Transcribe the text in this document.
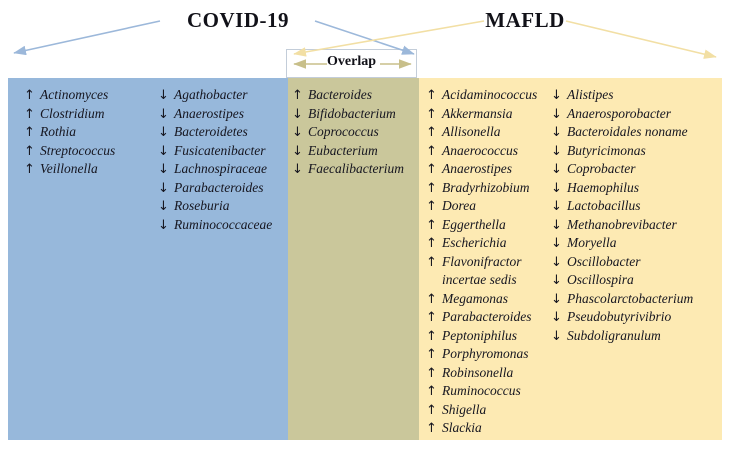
COVID-19	MAFLD
Overlap
↑ Actinomyces
↑ Clostridium
↑ Rothia
↑ Streptococcus
↑ Veillonella
↓ Agathobacter
↓ Anaerostipes
↓ Bacteroidetes
↓ Fusicatenibacter
↓ Lachnospiraceae
↓ Parabacteroides
↓ Roseburia
↓ Ruminococcaceae
↑ Bacteroides
↓ Bifidobacterium
↓ Coprococcus
↓ Eubacterium
↓ Faecalibacterium
↑ Acidaminococcus
↑ Akkermansia
↑ Allisonella
↑ Anaerococcus
↑ Anaerostipes
↑ Bradyrhizobium
↑ Dorea
↑ Eggerthella
↑ Escherichia
↑ Flavonifractor
incertae sedis
↑ Megamonas
↑ Parabacteroides
↑ Peptoniphilus
↑ Porphyromonas
↑ Robinsonella
↑ Ruminococcus
↑ Shigella
↑ Slackia
↓ Alistipes
↓ Anaerosporobacter
↓ Bacteroidales noname
↓ Butyricimonas
↓ Coprobacter
↓ Haemophilus
↓ Lactobacillus
↓ Methanobrevibacter
↓ Moryella
↓ Oscillobacter
↓ Oscillospira
↓ Phascolarctobacterium
↓ Pseudobutyrivibrio
↓ Subdoligranulum
